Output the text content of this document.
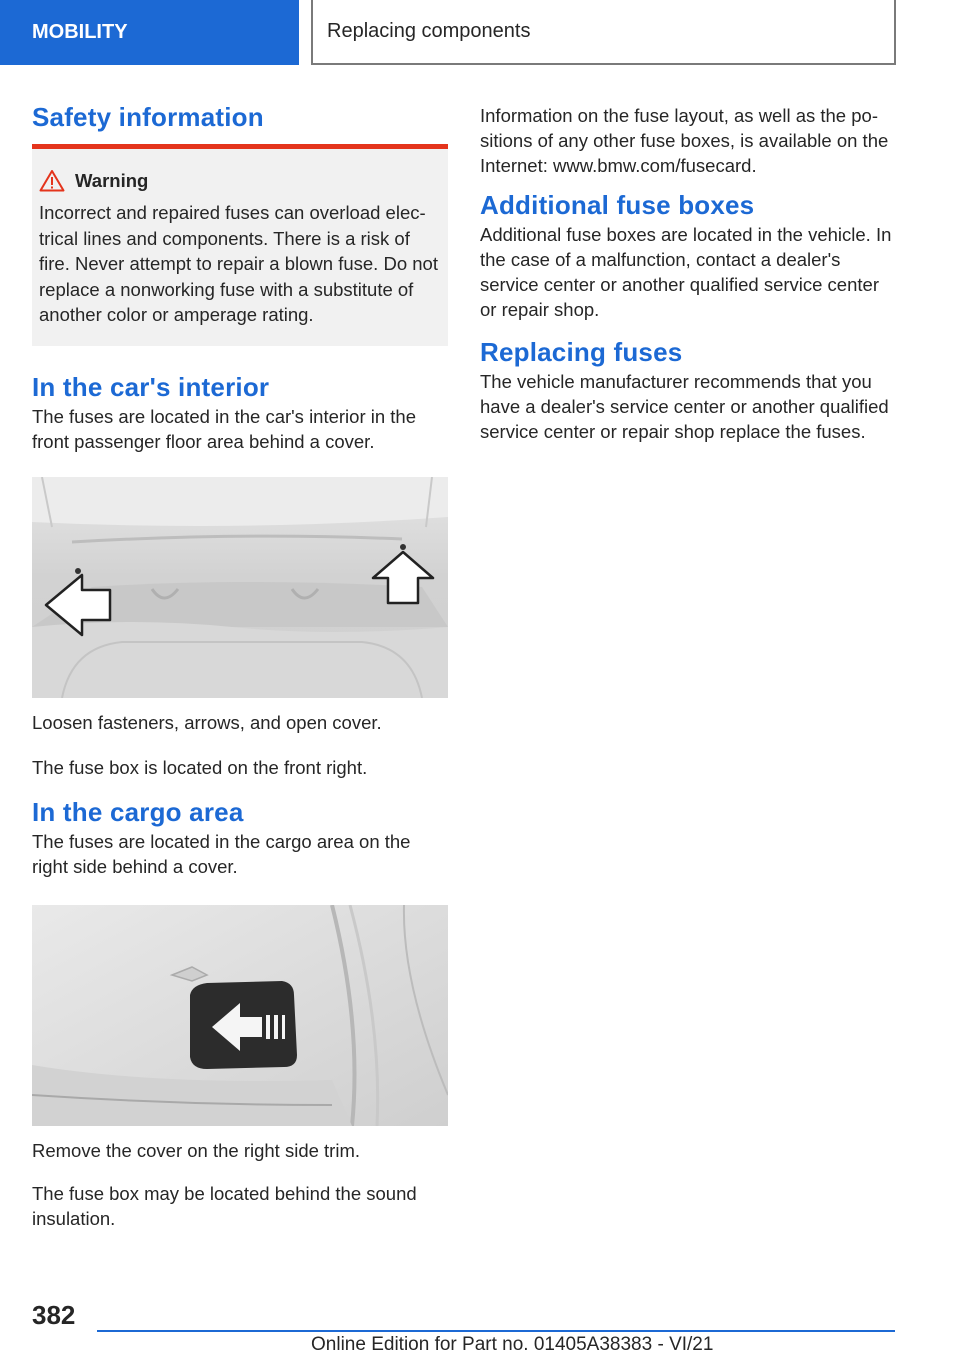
MOBILITY	Replacing components
Safety information
Warning

Incorrect and repaired fuses can overload electrical lines and components. There is a risk of fire. Never attempt to repair a blown fuse. Do not replace a nonworking fuse with a substitute of another color or amperage rating.

In the car's interior

The fuses are located in the car's interior in the front passenger floor area behind a cover.

Loosen fasteners, arrows, and open cover.

The fuse box is located on the front right.

In the cargo area

The fuses are located in the cargo area on the right side behind a cover.

Remove the cover on the right side trim.

The fuse box may be located behind the sound insulation.

Information on the fuse layout, as well as the positions of any other fuse boxes, is available on the Internet: www.bmw.com/fusecard.

Additional fuse boxes

Additional fuse boxes are located in the vehicle. In the case of a malfunction, contact a dealer's service center or another qualified service center or repair shop.

Replacing fuses

The vehicle manufacturer recommends that you have a dealer's service center or another qualified service center or repair shop replace the fuses.

382
Online Edition for Part no. 01405A38383 - VI/21
